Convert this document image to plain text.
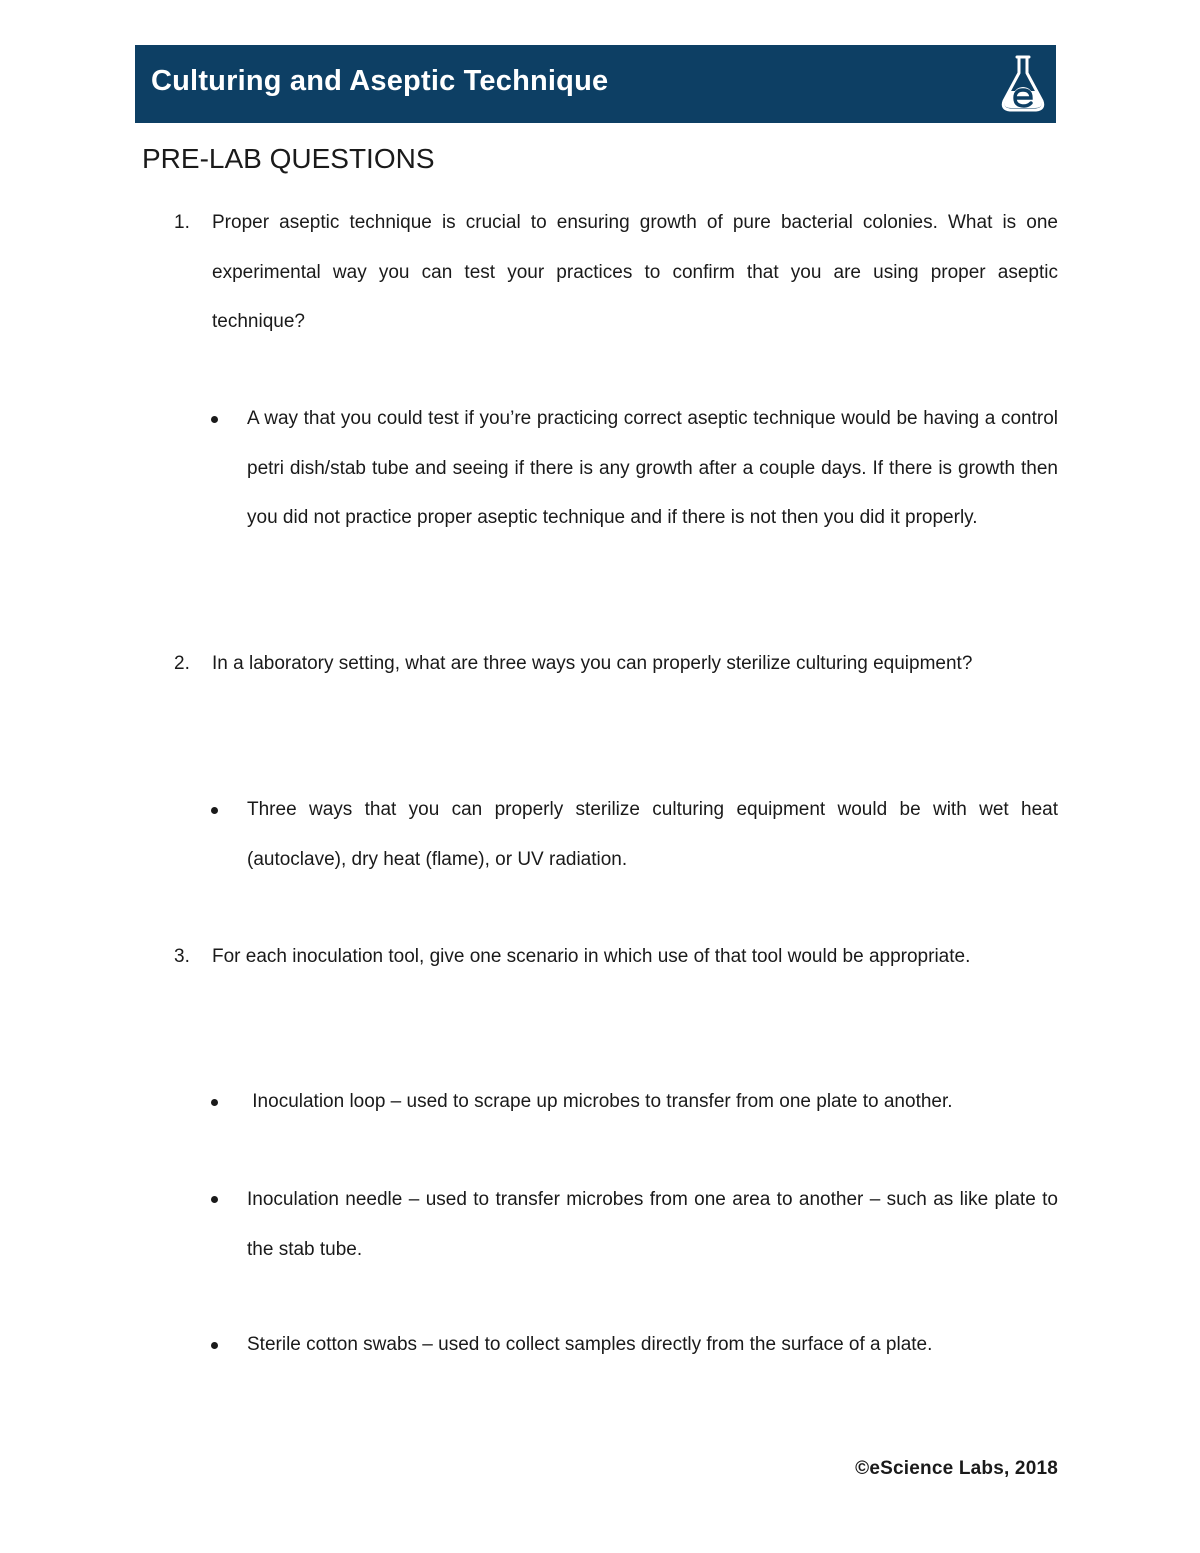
Culturing and Aseptic Technique
PRE-LAB QUESTIONS
1. Proper aseptic technique is crucial to ensuring growth of pure bacterial colonies. What is one experimental way you can test your practices to confirm that you are using proper aseptic technique?

A way that you could test if you’re practicing correct aseptic technique would be having a control petri dish/stab tube and seeing if there is any growth after a couple days. If there is growth then you did not practice proper aseptic technique and if there is not then you did it properly.

2. In a laboratory setting, what are three ways you can properly sterilize culturing equipment?

Three ways that you can properly sterilize culturing equipment would be with wet heat (autoclave), dry heat (flame), or UV radiation.

3. For each inoculation tool, give one scenario in which use of that tool would be appropriate.

Inoculation loop – used to scrape up microbes to transfer from one plate to another.

Inoculation needle – used to transfer microbes from one area to another – such as like plate to the stab tube.

Sterile cotton swabs – used to collect samples directly from the surface of a plate.

©eScience Labs, 2018
